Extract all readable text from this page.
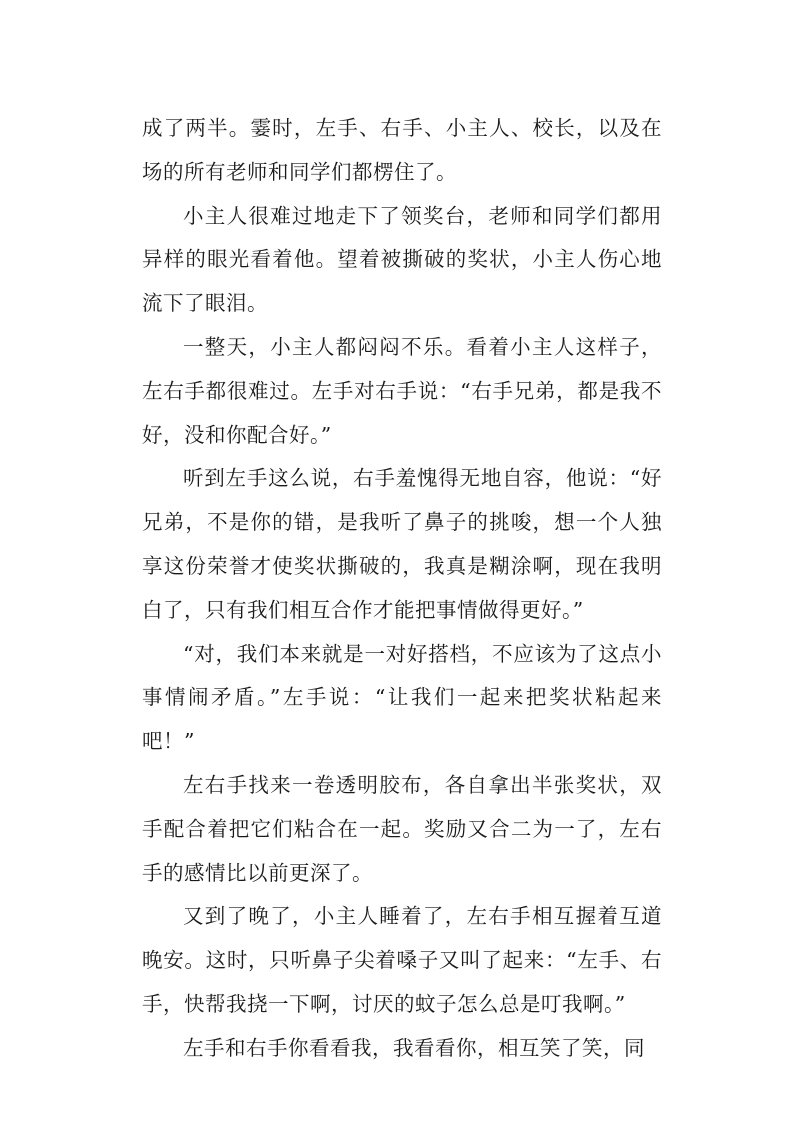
成了两半。霎时，左手、右手、小主人、校长，以及在场的所有老师和同学们都楞住了。

小主人很难过地走下了领奖台，老师和同学们都用异样的眼光看着他。望着被撕破的奖状，小主人伤心地流下了眼泪。

一整天，小主人都闷闷不乐。看着小主人这样子，左右手都很难过。左手对右手说：“右手兄弟，都是我不好，没和你配合好。”

听到左手这么说，右手羞愧得无地自容，他说：“好兄弟，不是你的错，是我听了鼻子的挑唆，想一个人独享这份荣誉才使奖状撕破的，我真是糊涂啊，现在我明白了，只有我们相互合作才能把事情做得更好。”

“对，我们本来就是一对好搭档，不应该为了这点小事情闹矛盾。”左手说：“让我们一起来把奖状粘起来吧！”

左右手找来一卷透明胶布，各自拿出半张奖状，双手配合着把它们粘合在一起。奖励又合二为一了，左右手的感情比以前更深了。

又到了晚了，小主人睡着了，左右手相互握着互道晚安。这时，只听鼻子尖着嗓子又叫了起来：“左手、右手，快帮我挠一下啊，讨厌的蚊子怎么总是叮我啊。”

左手和右手你看看我，我看看你，相互笑了笑，同
